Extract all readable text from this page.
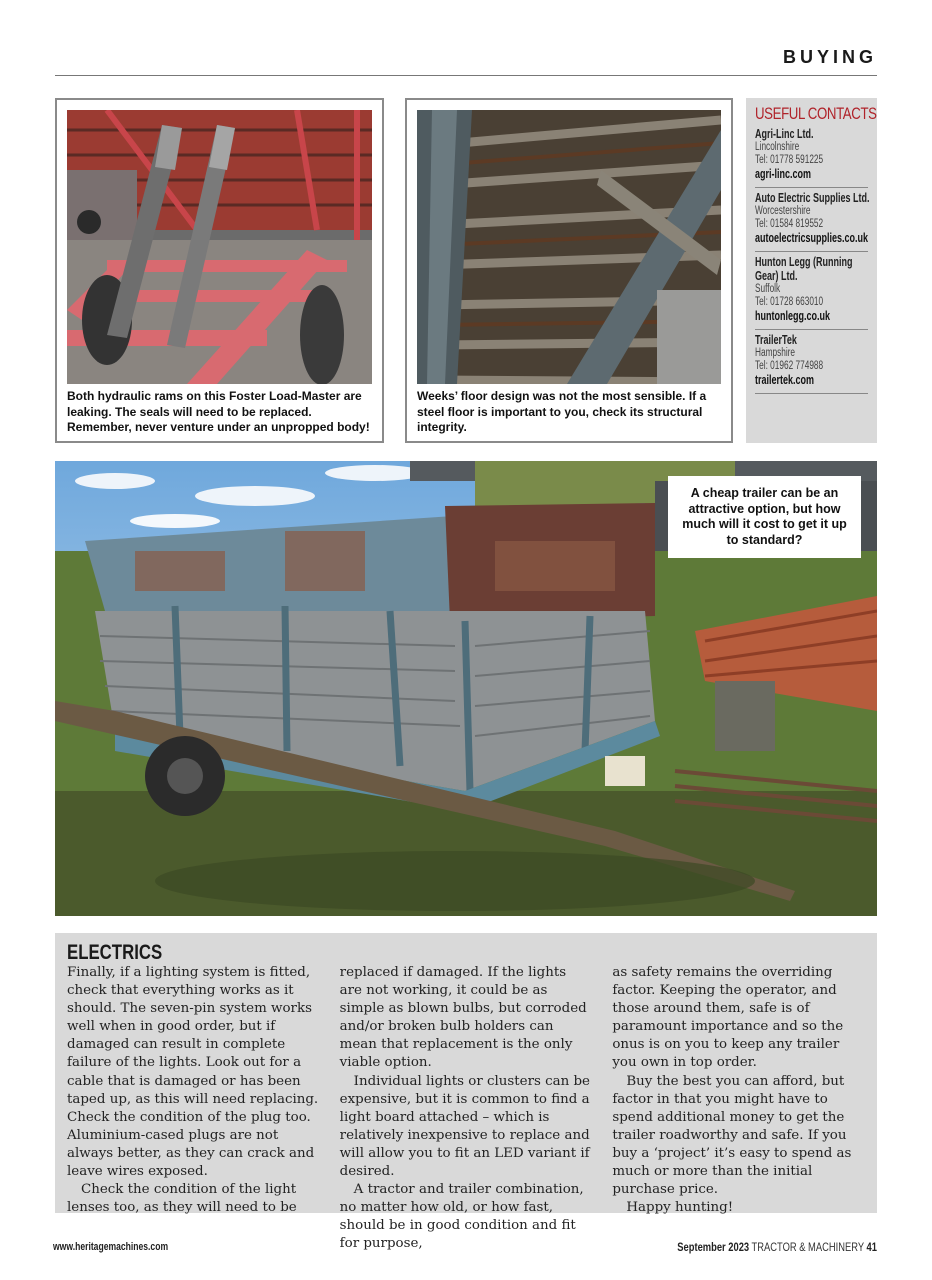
BUYING
Both hydraulic rams on this Foster Load-Master are leaking. The seals will need to be replaced. Remember, never venture under an unpropped body!
Weeks’ floor design was not the most sensible. If a steel floor is important to you, check its structural integrity.
USEFUL CONTACTS
Agri-Linc Ltd.
Lincolnshire
Tel: 01778 591225
agri-linc.com
Auto Electric Supplies Ltd.
Worcestershire
Tel: 01584 819552
autoelectricsupplies.co.uk
Hunton Legg (Running Gear) Ltd.
Suffolk
Tel: 01728 663010
huntonlegg.co.uk
TrailerTek
Hampshire
Tel: 01962 774988
trailertek.com
A cheap trailer can be an attractive option, but how much will it cost to get it up to standard?
ELECTRICS

Finally, if a lighting system is fitted, check that everything works as it should. The seven-pin system works well when in good order, but if damaged can result in complete failure of the lights. Look out for a cable that is damaged or has been taped up, as this will need replacing. Check the condition of the plug too. Aluminium-cased plugs are not always better, as they can crack and leave wires exposed.

Check the condition of the light lenses too, as they will need to be

replaced if damaged. If the lights are not working, it could be as simple as blown bulbs, but corroded and/or broken bulb holders can mean that replacement is the only viable option.

Individual lights or clusters can be expensive, but it is common to find a light board attached – which is relatively inexpensive to replace and will allow you to fit an LED variant if desired.

A tractor and trailer combination, no matter how old, or how fast, should be in good condition and fit for purpose,

as safety remains the overriding factor. Keeping the operator, and those around them, safe is of paramount importance and so the onus is on you to keep any trailer you own in top order.

Buy the best you can afford, but factor in that you might have to spend additional money to get the trailer roadworthy and safe. If you buy a ‘project’ it’s easy to spend as much or more than the initial purchase price.

Happy hunting!

www.heritagemachines.com	September 2023 TRACTOR & MACHINERY 41
